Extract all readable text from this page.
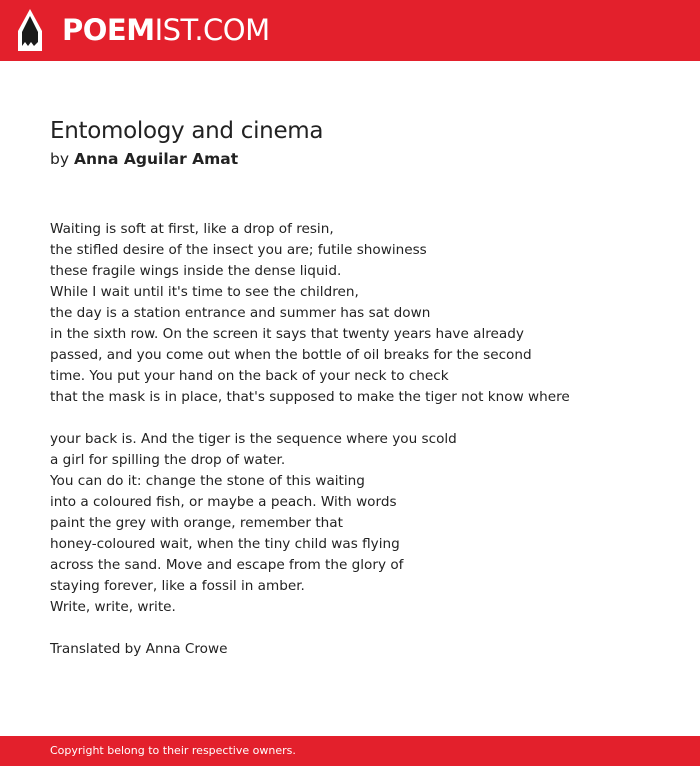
POEMIST.COM
Entomology and cinema
by Anna Aguilar Amat
Waiting is soft at first, like a drop of resin,
the stifled desire of the insect you are; futile showiness
these fragile wings inside the dense liquid.
While I wait until it's time to see the children,
the day is a station entrance and summer has sat down
in the sixth row. On the screen it says that twenty years have already
passed, and you come out when the bottle of oil breaks for the second
time. You put your hand on the back of your neck to check
that the mask is in place, that's supposed to make the tiger not know where
your back is. And the tiger is the sequence where you scold
a girl for spilling the drop of water.
You can do it: change the stone of this waiting
into a coloured fish, or maybe a peach. With words
paint the grey with orange, remember that
honey-coloured wait, when the tiny child was flying
across the sand. Move and escape from the glory of
staying forever, like a fossil in amber.
Write, write, write.
Translated by Anna Crowe
Copyright belong to their respective owners.
